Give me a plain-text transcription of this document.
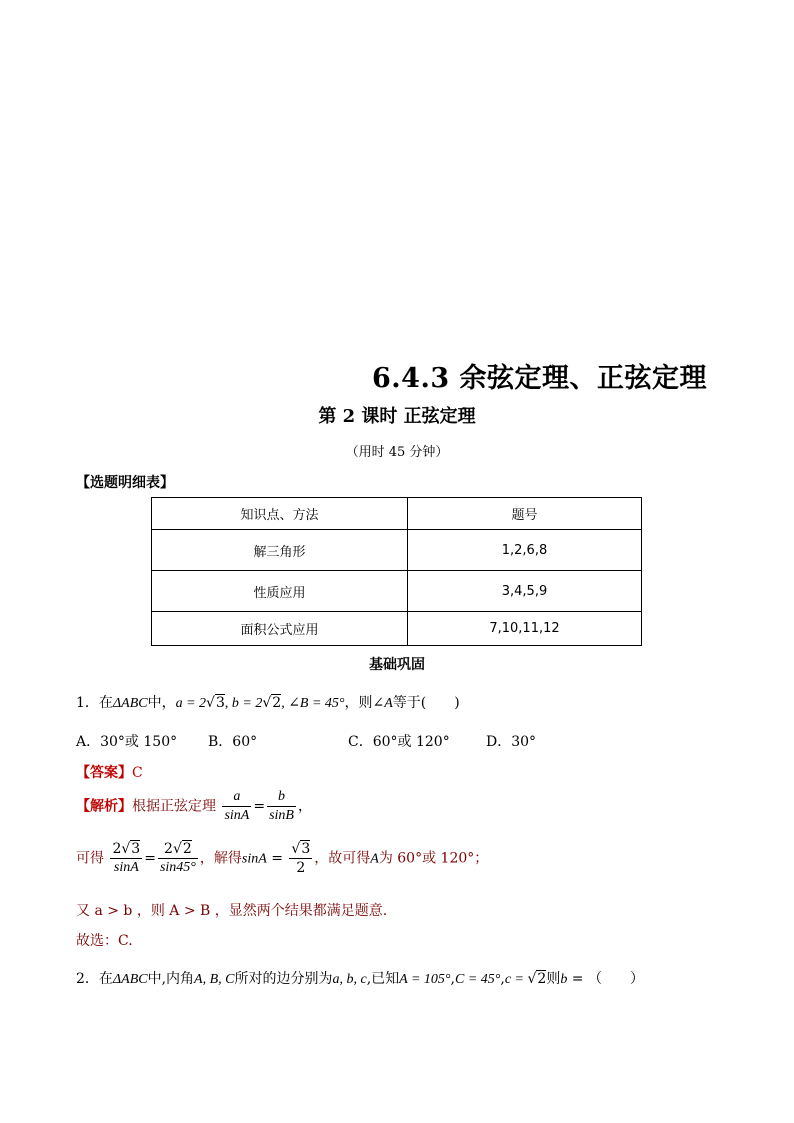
6.4.3 余弦定理、正弦定理
第 2 课时 正弦定理
（用时 45 分钟）
【选题明细表】
知识点、方法	题号
解三角形	1,2,6,8
性质应用	3,4,5,9
面积公式应用	7,10,11,12
基础巩固
1．在ΔABC中，a = 2√3, b = 2√2, ∠B = 45°，则∠A等于(　　)
A．30°或 150° B．60°	C．60°或 120°	D．30°
【答案】C
【解析】根据正弦定理 $\frac{a}{\sin A} = \frac{b}{\sin B}$ ，
可得 $\frac{2√3}{\sin A} = \frac{2√2}{\sin 45^\circ}$ ，解得$\sin A = \frac{√3}{2}$ ，故可得A为 60°或 120°；
又 a > b ，则 A > B ，显然两个结果都满足题意.
故选：C.
2．在ΔABC中,内角A, B, C所对的边分别为a, b, c,已知A = 105°,C = 45°,c = √2则b = （　　）
